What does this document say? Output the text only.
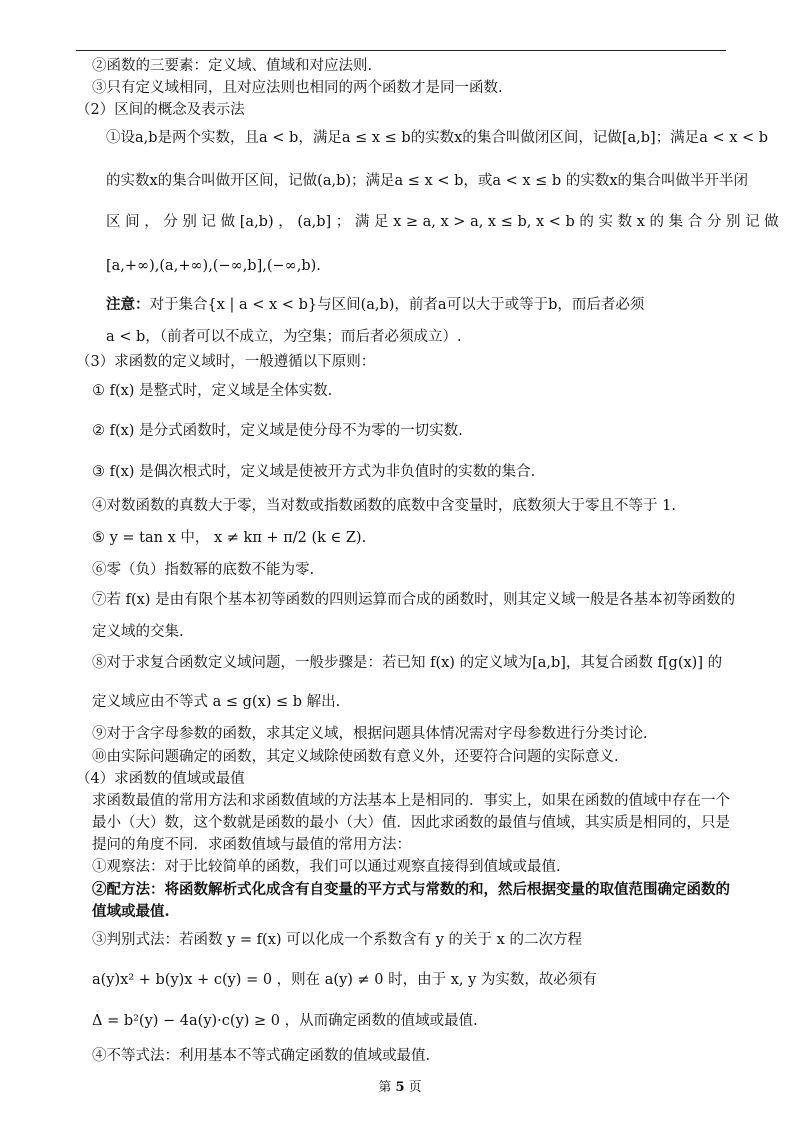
②函数的三要素：定义域、值域和对应法则.
③只有定义域相同，且对应法则也相同的两个函数才是同一函数.
（2）区间的概念及表示法
①设a,b是两个实数，且a < b，满足a ≤ x ≤ b的实数x的集合叫做闭区间，记做[a,b]；满足a < x < b
的实数x的集合叫做开区间，记做(a,b)；满足a ≤ x < b，或a < x ≤ b 的实数x的集合叫做半开半闭
区 间 ， 分 别 记 做 [a,b) ， (a,b] ； 满 足 x ≥ a, x > a, x ≤ b, x < b 的 实 数 x 的 集 合 分 别 记 做
[a,+∞),(a,+∞),(−∞,b],(−∞,b).
注意：对于集合{x | a < x < b}与区间(a,b)，前者a可以大于或等于b，而后者必须
a < b，（前者可以不成立，为空集；而后者必须成立）.
（3）求函数的定义域时，一般遵循以下原则：
① f(x) 是整式时，定义域是全体实数.
② f(x) 是分式函数时，定义域是使分母不为零的一切实数.
③ f(x) 是偶次根式时，定义域是使被开方式为非负值时的实数的集合.
④对数函数的真数大于零，当对数或指数函数的底数中含变量时，底数须大于零且不等于 1.
⑤ y = tan x 中， x ≠ kπ + π/2 (k ∈ Z).
⑥零（负）指数幂的底数不能为零.
⑦若 f(x) 是由有限个基本初等函数的四则运算而合成的函数时，则其定义域一般是各基本初等函数的
定义域的交集.
⑧对于求复合函数定义域问题，一般步骤是：若已知 f(x) 的定义域为[a,b]，其复合函数 f[g(x)] 的
定义域应由不等式 a ≤ g(x) ≤ b 解出.
⑨对于含字母参数的函数，求其定义域，根据问题具体情况需对字母参数进行分类讨论.
⑩由实际问题确定的函数，其定义域除使函数有意义外，还要符合问题的实际意义.
（4）求函数的值域或最值
求函数最值的常用方法和求函数值域的方法基本上是相同的．事实上，如果在函数的值域中存在一个
最小（大）数，这个数就是函数的最小（大）值．因此求函数的最值与值域，其实质是相同的，只是
提问的角度不同．求函数值域与最值的常用方法：
①观察法：对于比较简单的函数，我们可以通过观察直接得到值域或最值.
②配方法：将函数解析式化成含有自变量的平方式与常数的和，然后根据变量的取值范围确定函数的
值域或最值.
③判别式法：若函数 y = f(x) 可以化成一个系数含有 y 的关于 x 的二次方程
a(y)x² + b(y)x + c(y) = 0 ，则在 a(y) ≠ 0 时，由于 x, y 为实数，故必须有
Δ = b²(y) − 4a(y)·c(y) ≥ 0 ，从而确定函数的值域或最值.
④不等式法：利用基本不等式确定函数的值域或最值.
第 5 页
